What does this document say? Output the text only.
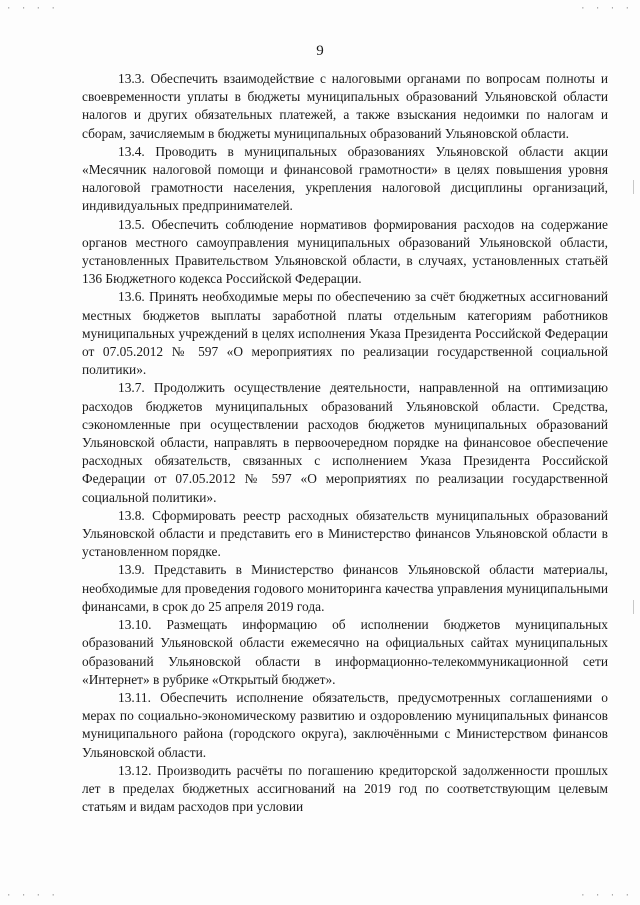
· · · ·	· · · ·
· · · ·	· · · ·
9

13.3. Обеспечить взаимодействие с налоговыми органами по вопросам полноты и своевременности уплаты в бюджеты муниципальных образований Ульяновской области налогов и других обязательных платежей, а также взыскания недоимки по налогам и сборам, зачисляемым в бюджеты муниципальных образований Ульяновской области.

13.4. Проводить в муниципальных образованиях Ульяновской области акции «Месячник налоговой помощи и финансовой грамотности» в целях повышения уровня налоговой грамотности населения, укрепления налоговой дисциплины организаций, индивидуальных предпринимателей.

13.5. Обеспечить соблюдение нормативов формирования расходов на содержание органов местного самоуправления муниципальных образований Ульяновской области, установленных Правительством Ульяновской области, в случаях, установленных статьёй 136 Бюджетного кодекса Российской Федерации.

13.6. Принять необходимые меры по обеспечению за счёт бюджетных ассигнований местных бюджетов выплаты заработной платы отдельным категориям работников муниципальных учреждений в целях исполнения Указа Президента Российской Федерации от 07.05.2012 № 597 «О мероприятиях по реализации государственной социальной политики».

13.7. Продолжить осуществление деятельности, направленной на оптимизацию расходов бюджетов муниципальных образований Ульяновской области. Средства, сэкономленные при осуществлении расходов бюджетов муниципальных образований Ульяновской области, направлять в первоочередном порядке на финансовое обеспечение расходных обязательств, связанных с исполнением Указа Президента Российской Федерации от 07.05.2012 № 597 «О мероприятиях по реализации государственной социальной политики».

13.8. Сформировать реестр расходных обязательств муниципальных образований Ульяновской области и представить его в Министерство финансов Ульяновской области в установленном порядке.

13.9. Представить в Министерство финансов Ульяновской области материалы, необходимые для проведения годового мониторинга качества управления муниципальными финансами, в срок до 25 апреля 2019 года.

13.10. Размещать информацию об исполнении бюджетов муниципальных образований Ульяновской области ежемесячно на официальных сайтах муниципальных образований Ульяновской области в информационно-телекоммуникационной сети «Интернет» в рубрике «Открытый бюджет».

13.11. Обеспечить исполнение обязательств, предусмотренных соглашениями о мерах по социально-экономическому развитию и оздоровлению муниципальных финансов муниципального района (городского округа), заключёнными с Министерством финансов Ульяновской области.

13.12. Производить расчёты по погашению кредиторской задолженности прошлых лет в пределах бюджетных ассигнований на 2019 год по соответствующим целевым статьям и видам расходов при условии
